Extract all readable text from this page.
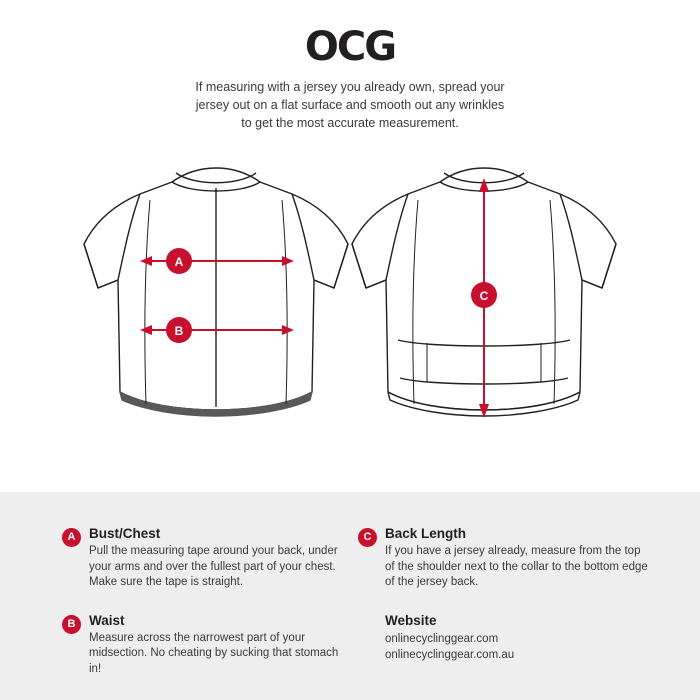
OCG
If measuring with a jersey you already own, spread your jersey out on a flat surface and smooth out any wrinkles to get the most accurate measurement.
A
B
C
A	Bust/Chest

Pull the measuring tape around your back, under your arms and over the fullest part of your chest. Make sure the tape is straight.

B	Waist

Measure across the narrowest part of your midsection. No cheating by sucking that stomach in!

C	Back Length

If you have a jersey already, measure from the top of the shoulder next to the collar to the bottom edge of the jersey back.

Website
onlinecyclinggear.com
onlinecyclinggear.com.au
